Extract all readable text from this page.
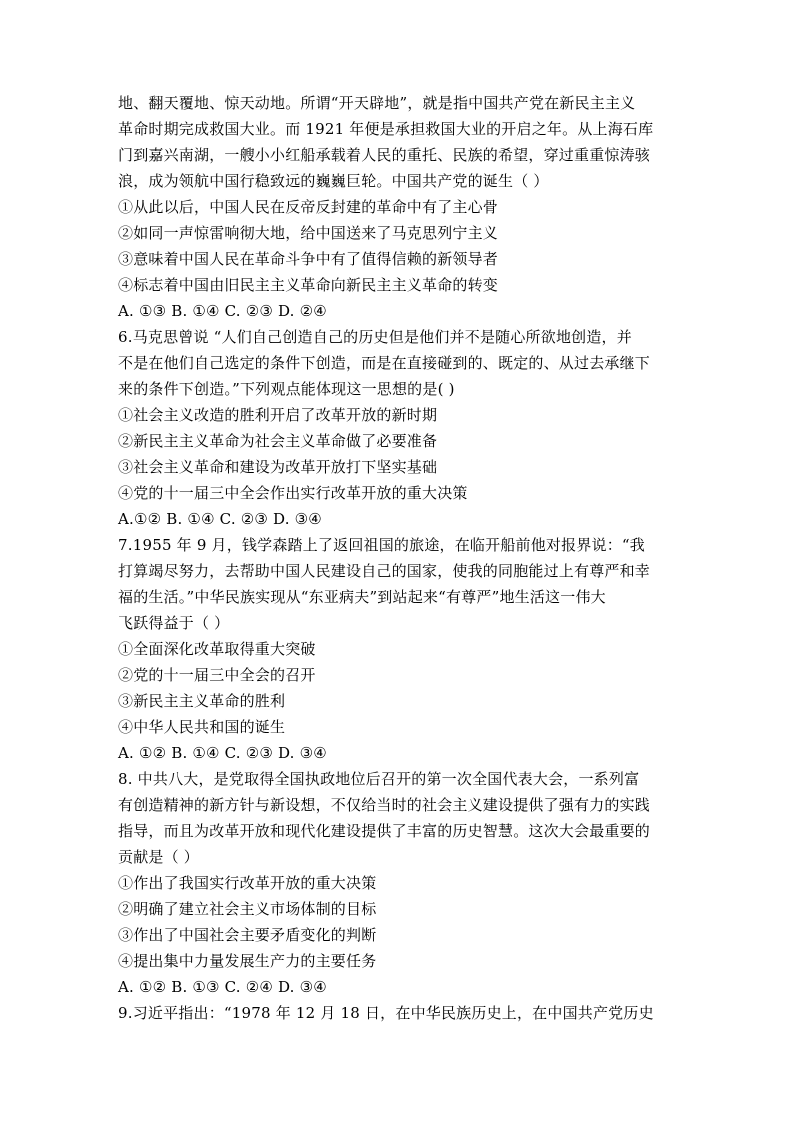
地、翻天覆地、惊天动地。所谓“开天辟地”，就是指中国共产党在新民主主义
革命时期完成救国大业。而 1921 年便是承担救国大业的开启之年。从上海石库
门到嘉兴南湖，一艘小小红船承载着人民的重托、民族的希望，穿过重重惊涛骇
浪，成为领航中国行稳致远的巍巍巨轮。中国共产党的诞生（ ）
①从此以后，中国人民在反帝反封建的革命中有了主心骨
②如同一声惊雷响彻大地，给中国送来了马克思列宁主义
③意味着中国人民在革命斗争中有了值得信赖的新领导者
④标志着中国由旧民主主义革命向新民主主义革命的转变
A. ①③ B. ①④ C. ②③ D. ②④
6.马克思曾说 “人们自己创造自己的历史但是他们并不是随心所欲地创造，并
不是在他们自己选定的条件下创造，而是在直接碰到的、既定的、从过去承继下
来的条件下创造。”下列观点能体现这一思想的是( )
①社会主义改造的胜利开启了改革开放的新时期
②新民主主义革命为社会主义革命做了必要准备
③社会主义革命和建设为改革开放打下坚实基础
④党的十一届三中全会作出实行改革开放的重大决策
A.①② B. ①④ C. ②③ D. ③④
7.1955 年 9 月，钱学森踏上了返回祖国的旅途，在临开船前他对报界说：“我
打算竭尽努力，去帮助中国人民建设自己的国家，使我的同胞能过上有尊严和幸
福的生活。”中华民族实现从“东亚病夫”到站起来“有尊严”地生活这一伟大
飞跃得益于（ ）
①全面深化改革取得重大突破
②党的十一届三中全会的召开
③新民主主义革命的胜利
④中华人民共和国的诞生
A. ①② B. ①④ C. ②③ D. ③④
8. 中共八大，是党取得全国执政地位后召开的第一次全国代表大会，一系列富
有创造精神的新方针与新设想，不仅给当时的社会主义建设提供了强有力的实践
指导，而且为改革开放和现代化建设提供了丰富的历史智慧。这次大会最重要的
贡献是（ ）
①作出了我国实行改革开放的重大决策
②明确了建立社会主义市场体制的目标
③作出了中国社会主要矛盾变化的判断
④提出集中力量发展生产力的主要任务
A. ①② B. ①③ C. ②④ D. ③④
9.习近平指出：“1978 年 12 月 18 日，在中华民族历史上，在中国共产党历史
